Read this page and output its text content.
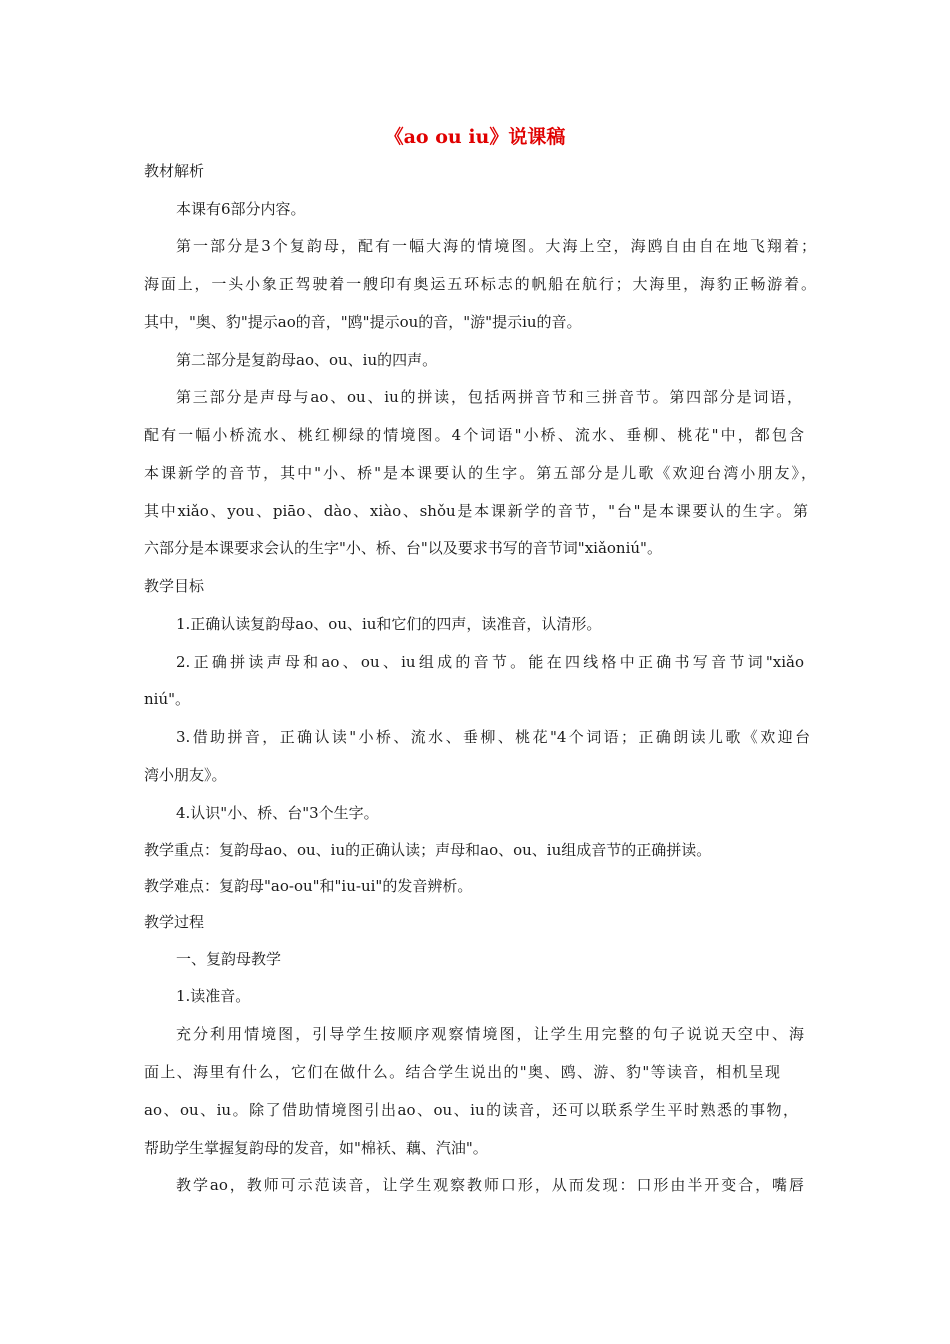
《ao ou iu》说课稿
教材解析
本课有6部分内容。
第一部分是3个复韵母，配有一幅大海的情境图。大海上空，海鸥自由自在地飞翔着；
海面上，一头小象正驾驶着一艘印有奥运五环标志的帆船在航行；大海里，海豹正畅游着。
其中，"奥、豹"提示ao的音，"鸥"提示ou的音，"游"提示iu的音。
第二部分是复韵母ao、ou、iu的四声。
第三部分是声母与ao、ou、iu的拼读，包括两拼音节和三拼音节。第四部分是词语，
配有一幅小桥流水、桃红柳绿的情境图。4个词语"小桥、流水、垂柳、桃花"中，都包含
本课新学的音节，其中"小、桥"是本课要认的生字。第五部分是儿歌《欢迎台湾小朋友》，
其中xiǎo、you、piāo、dào、xiào、shǒu是本课新学的音节，"台"是本课要认的生字。第
六部分是本课要求会认的生字"小、桥、台"以及要求书写的音节词"xiǎoniú"。
教学目标
1.正确认读复韵母ao、ou、iu和它们的四声，读准音，认清形。
2.正确拼读声母和ao、ou、iu组成的音节。能在四线格中正确书写音节词"xiǎo
niú"。
3.借助拼音，正确认读"小桥、流水、垂柳、桃花"4个词语；正确朗读儿歌《欢迎台
湾小朋友》。
4.认识"小、桥、台"3个生字。
教学重点：复韵母ao、ou、iu的正确认读；声母和ao、ou、iu组成音节的正确拼读。
教学难点：复韵母"ao-ou"和"iu-ui"的发音辨析。
教学过程
一、复韵母教学
1.读准音。
充分利用情境图，引导学生按顺序观察情境图，让学生用完整的句子说说天空中、海
面上、海里有什么，它们在做什么。结合学生说出的"奥、鸥、游、豹"等读音，相机呈现
ao、ou、iu。除了借助情境图引出ao、ou、iu的读音，还可以联系学生平时熟悉的事物，
帮助学生掌握复韵母的发音，如"棉袄、藕、汽油"。
教学ao，教师可示范读音，让学生观察教师口形，从而发现：口形由半开变合，嘴唇
